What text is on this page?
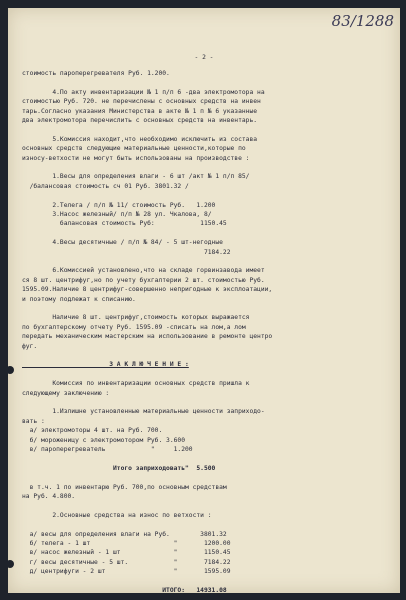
83/1288
- 2 -
стоимость пароперегревателя Руб. 1.200.
4.По акту инвентаризации № 1 п/п 6 -два электромотора на
стоимостью Руб. 720. не перечислены с основных средств на инвен
тарь.Согласно указания Министерства в акте № 1 п № 6 указанные
два электромотора перечислить с основных средств на инвентарь.
5.Комиссия находит,что необходимо исключить из состава
основных средств следующие материальные ценности,которые по
износу-ветхости не могут быть использованы на производстве :
1.Весы для определения влаги - 6 шт /акт № 1 п/п 85/
/балансовая стоимость сч 01 Руб. 3801.32 /
2.Телега / п/п № 11/ стоимость Руб.   1.200
3.Насос железный/ п/п № 28 ул. Чкалова, 8/
балансовая стоимость Руб:            1150.45
4.Весы десятичные / п/п № 84/ - 5 шт-негодные
7184.22
6.Комиссией установлено,что на складе горвинзавода имеет
ся 8 шт. центрифуг,но по учету бухгалтерии 2 шт. стоимостью Руб.
1595.09.Наличие 8 центрифуг-совершенно непригодные к эксплоатации,
и поэтому подлежат к списанию.
Наличие 8 шт. центрифуг,стоимость которых выражается
по бухгалтерскому отчету Руб. 1595.09 -списать на лом,а лом
передать механическим мастерским на использование в ремонте центро
фуг.
З А К Л Ю Ч Е Н И Е :
Комиссия по инвентаризации основных средств пришла к
следующему заключению :
1.Излишне установленные материальные ценности заприходо-
вать :
а/ электромоторы 4 шт. на Руб. 700.
б/ мороженицу с электромотором Руб. 3.600
в/ пароперегреватель            "     1.200
Итого заприходовать"  5.500
в т.ч. 1 по инвентарю Руб. 700,по основным средствам
на Руб. 4.800.
2.Основные средства на износ по ветхости :
а/ весы для определения влаги на Руб.        3801.32
б/ телега - 1 шт                      "       1200.00
в/ насос железный - 1 шт              "       1150.45
г/ весы десятичные - 5 шт.            "       7184.22
д/ центрифуги - 2 шт                  "       1595.09
ИТОГО:   14931.08
